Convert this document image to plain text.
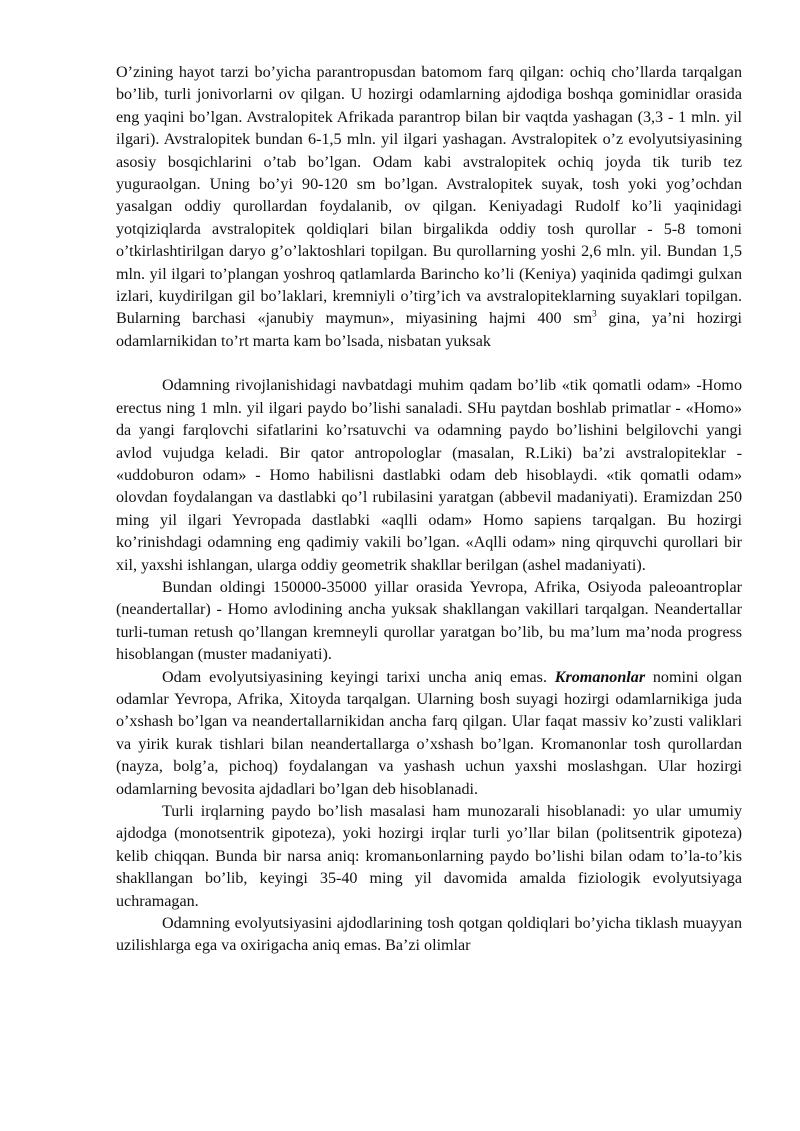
O’zining hayot tarzi bo’yicha parantropusdan batomom farq qilgan: ochiq cho’llarda tarqalgan bo’lib, turli jonivorlarni ov qilgan. U hozirgi odamlarning ajdodiga boshqa gominidlar orasida eng yaqini bo’lgan. Avstralopitek Afrikada parantrop bilan bir vaqtda yashagan (3,3 - 1 mln. yil ilgari). Avstralopitek bundan 6-1,5 mln. yil ilgari yashagan. Avstralopitek o’z evolyutsiyasining asosiy bosqichlarini o’tab bo’lgan. Odam kabi avstralopitek ochiq joyda tik turib tez yuguraolgan. Uning bo’yi 90-120 sm bo’lgan. Avstralopitek suyak, tosh yoki yog’ochdan yasalgan oddiy qurollardan foydalanib, ov qilgan. Keniyadagi Rudolf ko’li yaqinidagi yotqiziqlarda avstralopitek qoldiqlari bilan birgalikda oddiy tosh qurollar - 5-8 tomoni o’tkirlashtirilgan daryo g’o’laktoshlari topilgan. Bu qurollarning yoshi 2,6 mln. yil. Bundan 1,5 mln. yil ilgari to’plangan yoshroq qatlamlarda Barincho ko’li (Keniya) yaqinida qadimgi gulxan izlari, kuydirilgan gil bo’laklari, kremniyli o’tirg’ich va avstralopiteklarning suyaklari topilgan. Bularning barchasi «janubiy maymun», miyasining hajmi 400 $sm^3$ gina, ya’ni hozirgi odamlarnikidan to’rt marta kam bo’lsada, nisbatan yuksak

Odamning rivojlanishidagi navbatdagi muhim qadam bo’lib «tik qomatli odam» -Homo erectus ning 1 mln. yil ilgari paydo bo’lishi sanaladi. SHu paytdan boshlab primatlar - «Homo» da yangi farqlovchi sifatlarini ko’rsatuvchi va odamning paydo bo’lishini belgilovchi yangi avlod vujudga keladi. Bir qator antropologlar (masalan, R.Liki) ba’zi avstralopiteklar - «uddoburon odam» - Homo habilisni dastlabki odam deb hisoblaydi. «tik qomatli odam» olovdan foydalangan va dastlabki qo’l rubilasini yaratgan (abbevil madaniyati). Eramizdan 250 ming yil ilgari Yevropada dastlabki «aqlli odam» Homo sapiens tarqalgan. Bu hozirgi ko’rinishdagi odamning eng qadimiy vakili bo’lgan. «Aqlli odam» ning qirquvchi qurollari bir xil, yaxshi ishlangan, ularga oddiy geometrik shakllar berilgan (ashel madaniyati).

Bundan oldingi 150000-35000 yillar orasida Yevropa, Afrika, Osiyoda paleoantroplar (neandertallar) - Homo avlodining ancha yuksak shakllangan vakillari tarqalgan. Neandertallar turli-tuman retush qo’llangan kremneyli qurollar yaratgan bo’lib, bu ma’lum ma’noda progress hisoblangan (muster madaniyati).

Odam evolyutsiyasining keyingi tarixi uncha aniq emas. Kromanonlar nomini olgan odamlar Yevropa, Afrika, Xitoyda tarqalgan. Ularning bosh suyagi hozirgi odamlarnikiga juda o’xshash bo’lgan va neandertallarnikidan ancha farq qilgan. Ular faqat massiv ko’zusti valiklari va yirik kurak tishlari bilan neandertallarga o’xshash bo’lgan. Kromanonlar tosh qurollardan (nayza, bolg’a, pichoq) foydalangan va yashash uchun yaxshi moslashgan. Ular hozirgi odamlarning bevosita ajdadlari bo’lgan deb hisoblanadi.

Turli irqlarning paydo bo’lish masalasi ham munozarali hisoblanadi: yo ular umumiy ajdodga (monotsentrik gipoteza), yoki hozirgi irqlar turli yo’llar bilan (politsentrik gipoteza) kelib chiqqan. Bunda bir narsa aniq: kromanьonlarning paydo bo’lishi bilan odam to’la-to’kis shakllangan bo’lib, keyingi 35-40 ming yil davomida amalda fiziologik evolyutsiyaga uchramagan.

Odamning evolyutsiyasini ajdodlarining tosh qotgan qoldiqlari bo’yicha tiklash muayyan uzilishlarga ega va oxirigacha aniq emas. Ba’zi olimlar
